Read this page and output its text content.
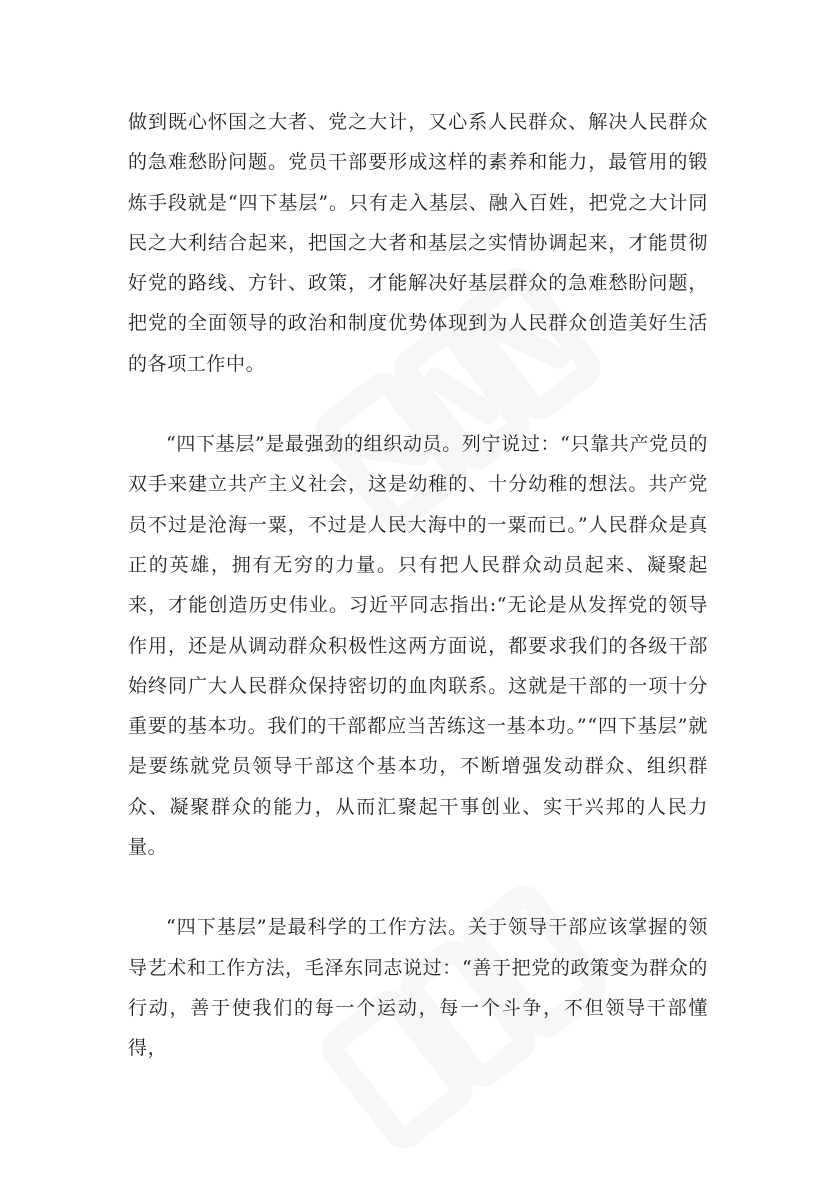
做到既心怀国之大者、党之大计，又心系人民群众、解决人民群众的急难愁盼问题。党员干部要形成这样的素养和能力，最管用的锻炼手段就是“四下基层”。只有走入基层、融入百姓，把党之大计同民之大利结合起来，把国之大者和基层之实情协调起来，才能贯彻好党的路线、方针、政策，才能解决好基层群众的急难愁盼问题，把党的全面领导的政治和制度优势体现到为人民群众创造美好生活的各项工作中。

“四下基层”是最强劲的组织动员。列宁说过：“只靠共产党员的双手来建立共产主义社会，这是幼稚的、十分幼稚的想法。共产党员不过是沧海一粟，不过是人民大海中的一粟而已。”人民群众是真正的英雄，拥有无穷的力量。只有把人民群众动员起来、凝聚起来，才能创造历史伟业。习近平同志指出:“无论是从发挥党的领导作用，还是从调动群众积极性这两方面说，都要求我们的各级干部始终同广大人民群众保持密切的血肉联系。这就是干部的一项十分重要的基本功。我们的干部都应当苦练这一基本功。”“四下基层”就是要练就党员领导干部这个基本功，不断增强发动群众、组织群众、凝聚群众的能力，从而汇聚起干事创业、实干兴邦的人民力量。

“四下基层”是最科学的工作方法。关于领导干部应该掌握的领导艺术和工作方法，毛泽东同志说过：“善于把党的政策变为群众的行动，善于使我们的每一个运动，每一个斗争，不但领导干部懂得，
